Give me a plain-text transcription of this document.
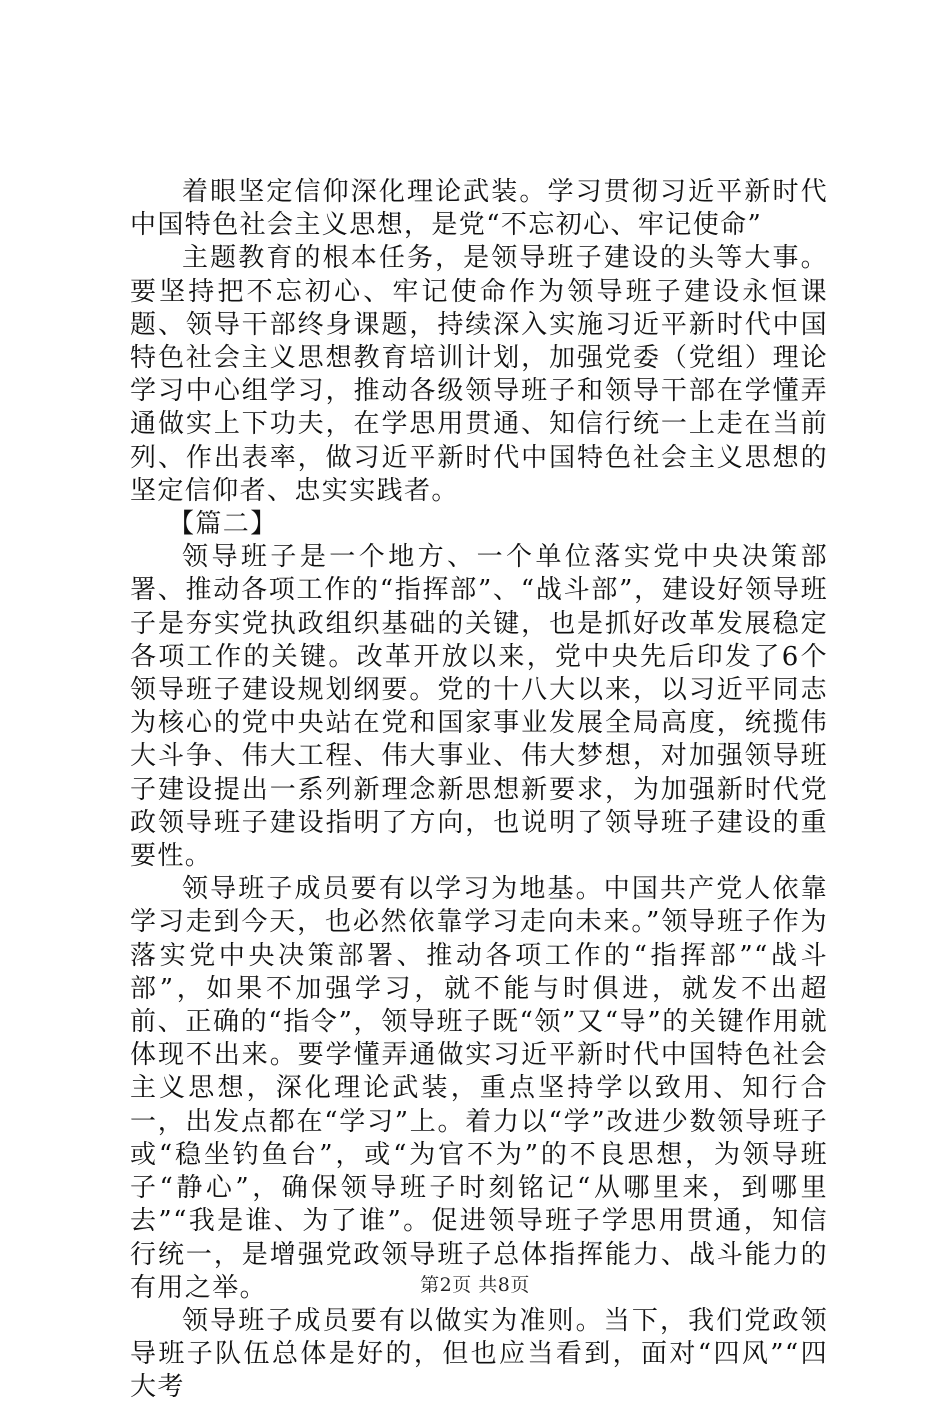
着眼坚定信仰深化理论武装。学习贯彻习近平新时代中国特色社会主义思想，是党“不忘初心、牢记使命”

主题教育的根本任务，是领导班子建设的头等大事。要坚持把不忘初心、牢记使命作为领导班子建设永恒课题、领导干部终身课题，持续深入实施习近平新时代中国特色社会主义思想教育培训计划，加强党委（党组）理论学习中心组学习，推动各级领导班子和领导干部在学懂弄通做实上下功夫，在学思用贯通、知信行统一上走在当前列、作出表率，做习近平新时代中国特色社会主义思想的坚定信仰者、忠实实践者。

【篇二】

领导班子是一个地方、一个单位落实党中央决策部署、推动各项工作的“指挥部”、“战斗部”，建设好领导班子是夯实党执政组织基础的关键，也是抓好改革发展稳定各项工作的关键。改革开放以来，党中央先后印发了6个领导班子建设规划纲要。党的十八大以来，以习近平同志为核心的党中央站在党和国家事业发展全局高度，统揽伟大斗争、伟大工程、伟大事业、伟大梦想，对加强领导班子建设提出一系列新理念新思想新要求，为加强新时代党政领导班子建设指明了方向，也说明了领导班子建设的重要性。

领导班子成员要有以学习为地基。中国共产党人依靠学习走到今天，也必然依靠学习走向未来。”领导班子作为落实党中央决策部署、推动各项工作的“指挥部”“战斗部”，如果不加强学习，就不能与时俱进，就发不出超前、正确的“指令”，领导班子既“领”又“导”的关键作用就体现不出来。要学懂弄通做实习近平新时代中国特色社会主义思想，深化理论武装，重点坚持学以致用、知行合一，出发点都在“学习”上。着力以“学”改进少数领导班子或“稳坐钓鱼台”，或“为官不为”的不良思想，为领导班子“静心”，确保领导班子时刻铭记“从哪里来，到哪里去”“我是谁、为了谁”。促进领导班子学思用贯通，知信行统一，是增强党政领导班子总体指挥能力、战斗能力的有用之举。

领导班子成员要有以做实为准则。当下，我们党政领导班子队伍总体是好的，但也应当看到，面对“四风”“四大考

第2页 共8页
